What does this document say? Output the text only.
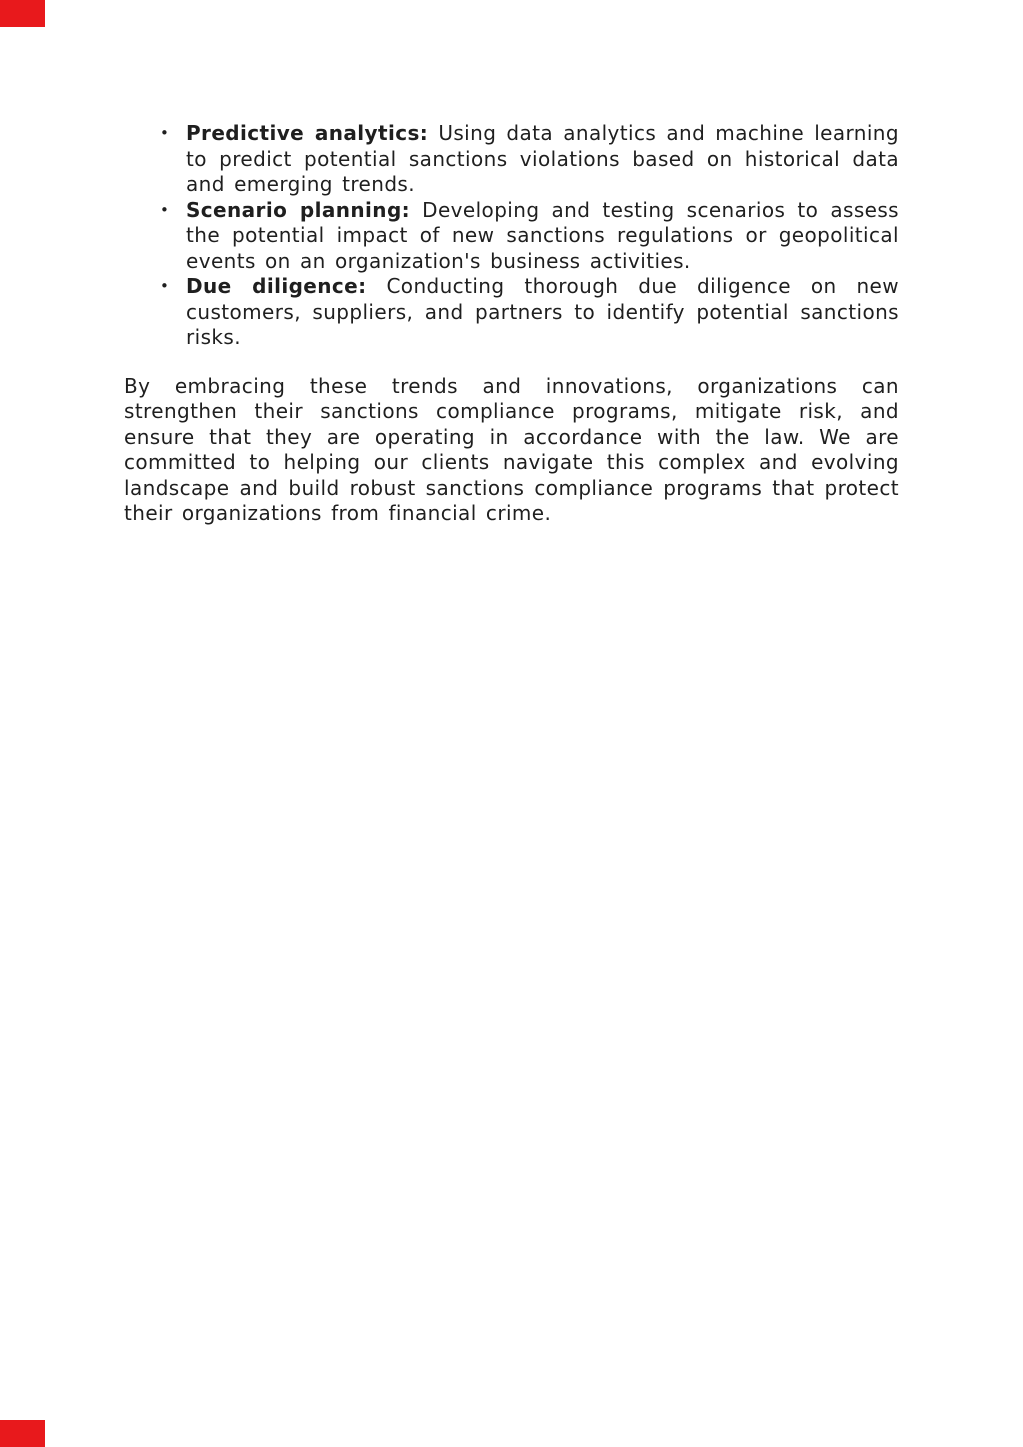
• Predictive analytics: Using data analytics and machine learning to predict potential sanctions violations based on historical data and emerging trends.
• Scenario planning: Developing and testing scenarios to assess the potential impact of new sanctions regulations or geopolitical events on an organization's business activities.
• Due diligence: Conducting thorough due diligence on new customers, suppliers, and partners to identify potential sanctions risks.

By embracing these trends and innovations, organizations can strengthen their sanctions compliance programs, mitigate risk, and ensure that they are operating in accordance with the law. We are committed to helping our clients navigate this complex and evolving landscape and build robust sanctions compliance programs that protect their organizations from financial crime.
